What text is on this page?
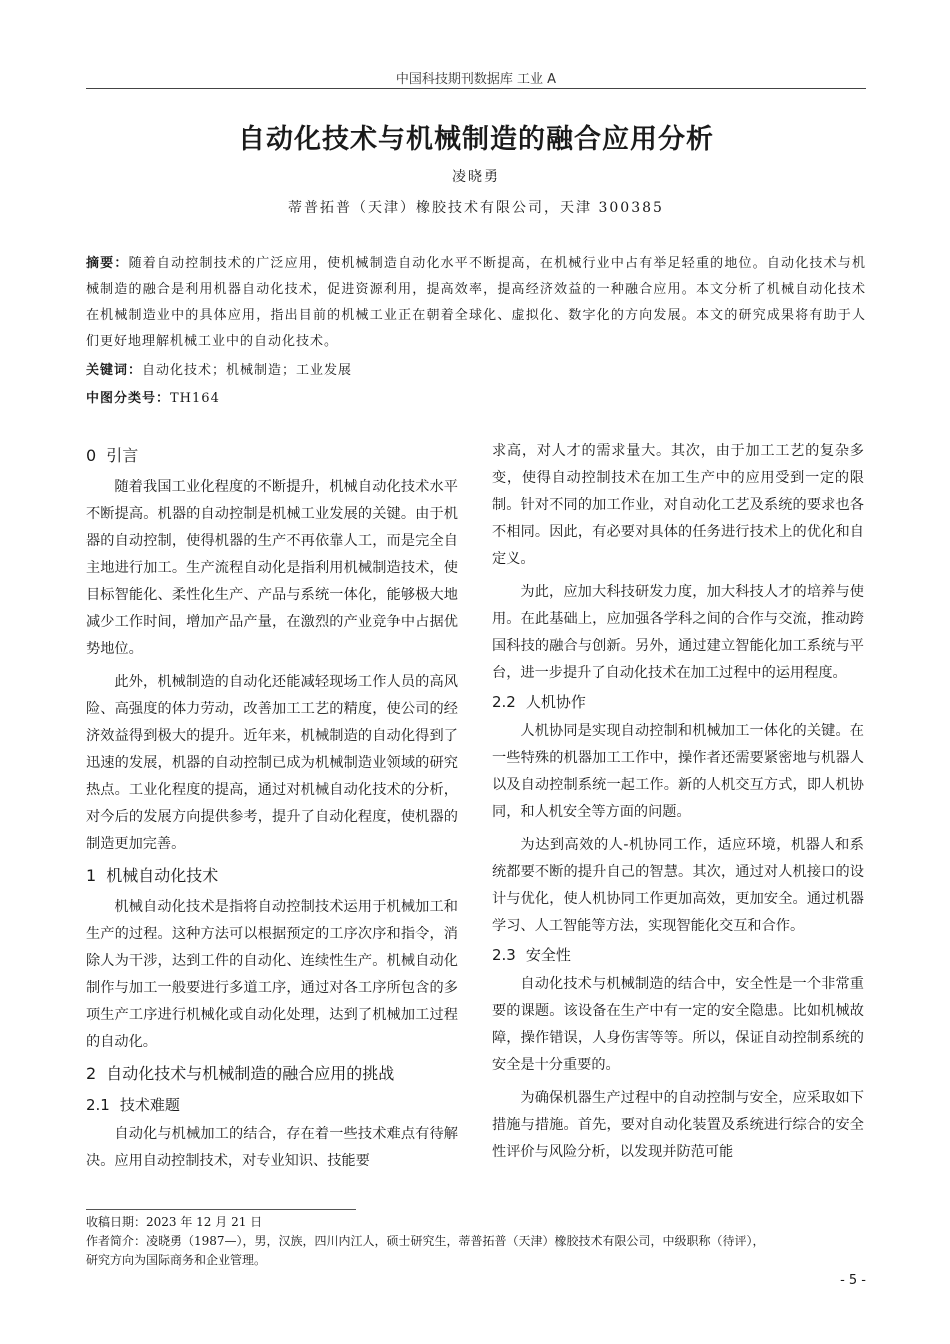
中国科技期刊数据库 工业 A
自动化技术与机械制造的融合应用分析
凌晓勇
蒂普拓普（天津）橡胶技术有限公司，天津 300385
摘要：随着自动控制技术的广泛应用，使机械制造自动化水平不断提高，在机械行业中占有举足轻重的地位。自动化技术与机械制造的融合是利用机器自动化技术，促进资源利用，提高效率，提高经济效益的一种融合应用。本文分析了机械自动化技术在机械制造业中的具体应用，指出目前的机械工业正在朝着全球化、虚拟化、数字化的方向发展。本文的研究成果将有助于人们更好地理解机械工业中的自动化技术。
关键词：自动化技术；机械制造；工业发展
中图分类号：TH164
0 引言

随着我国工业化程度的不断提升，机械自动化技术水平不断提高。机器的自动控制是机械工业发展的关键。由于机器的自动控制，使得机器的生产不再依靠人工，而是完全自主地进行加工。生产流程自动化是指利用机械制造技术，使目标智能化、柔性化生产、产品与系统一体化，能够极大地减少工作时间，增加产品产量，在激烈的产业竞争中占据优势地位。

此外，机械制造的自动化还能减轻现场工作人员的高风险、高强度的体力劳动，改善加工工艺的精度，使公司的经济效益得到极大的提升。近年来，机械制造的自动化得到了迅速的发展，机器的自动控制已成为机械制造业领域的研究热点。工业化程度的提高，通过对机械自动化技术的分析，对今后的发展方向提供参考，提升了自动化程度，使机器的制造更加完善。

1 机械自动化技术

机械自动化技术是指将自动控制技术运用于机械加工和生产的过程。这种方法可以根据预定的工序次序和指令，消除人为干涉，达到工件的自动化、连续性生产。机械自动化制作与加工一般要进行多道工序，通过对各工序所包含的多项生产工序进行机械化或自动化处理，达到了机械加工过程的自动化。

2 自动化技术与机械制造的融合应用的挑战
2.1 技术难题

自动化与机械加工的结合，存在着一些技术难点有待解决。应用自动控制技术，对专业知识、技能要

求高，对人才的需求量大。其次，由于加工工艺的复杂多变，使得自动控制技术在加工生产中的应用受到一定的限制。针对不同的加工作业，对自动化工艺及系统的要求也各不相同。因此，有必要对具体的任务进行技术上的优化和自定义。

为此，应加大科技研发力度，加大科技人才的培养与使用。在此基础上，应加强各学科之间的合作与交流，推动跨国科技的融合与创新。另外，通过建立智能化加工系统与平台，进一步提升了自动化技术在加工过程中的运用程度。

2.2 人机协作

人机协同是实现自动控制和机械加工一体化的关键。在一些特殊的机器加工工作中，操作者还需要紧密地与机器人以及自动控制系统一起工作。新的人机交互方式，即人机协同，和人机安全等方面的问题。

为达到高效的人-机协同工作，适应环境，机器人和系统都要不断的提升自己的智慧。其次，通过对人机接口的设计与优化，使人机协同工作更加高效，更加安全。通过机器学习、人工智能等方法，实现智能化交互和合作。

2.3 安全性

自动化技术与机械制造的结合中，安全性是一个非常重要的课题。该设备在生产中有一定的安全隐患。比如机械故障，操作错误，人身伤害等等。所以，保证自动控制系统的安全是十分重要的。

为确保机器生产过程中的自动控制与安全，应采取如下措施与措施。首先，要对自动化装置及系统进行综合的安全性评价与风险分析，以发现并防范可能

收稿日期：2023 年 12 月 21 日
作者简介：凌晓勇（1987—），男，汉族，四川内江人，硕士研究生，蒂普拓普（天津）橡胶技术有限公司，中级职称（待评），
研究方向为国际商务和企业管理。
- 5 -
